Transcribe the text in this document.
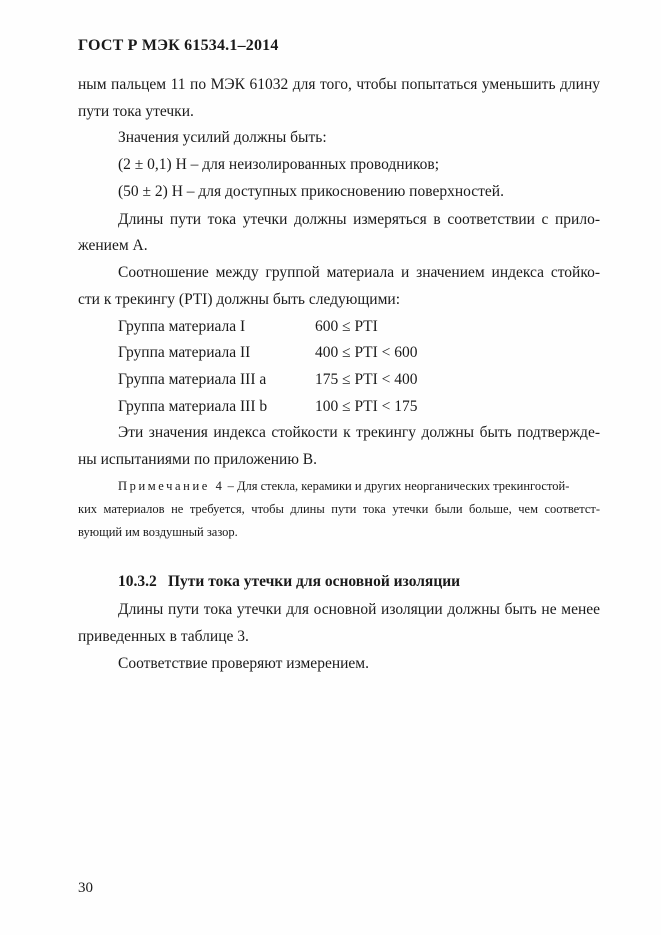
ГОСТ Р МЭК 61534.1–2014
ным пальцем 11 по МЭК 61032 для того, чтобы попытаться уменьшить длину
пути тока утечки.
Значения усилий должны быть:
(2 ± 0,1) Н – для неизолированных проводников;
(50 ± 2) Н – для доступных прикосновению поверхностей.
Длины пути тока утечки должны измеряться в соответствии с прило-
жением А.
Соотношение между группой материала и значением индекса стойко-
сти к трекингу (PTI) должны быть следующими:
Группа материала I	600 ≤ PTI
Группа материала II	400 ≤ PTI < 600
Группа материала III a	175 ≤ PTI < 400
Группа материала III b	100 ≤ PTI < 175
Эти значения индекса стойкости к трекингу должны быть подтвержде-
ны испытаниями по приложению В.
Примечание 4 – Для стекла, керамики и других неорганических трекингостой-
ких материалов не требуется, чтобы длины пути тока утечки были больше, чем соответст-
вующий им воздушный зазор.
10.3.2 Пути тока утечки для основной изоляции
Длины пути тока утечки для основной изоляции должны быть не менее
приведенных в таблице 3.
Соответствие проверяют измерением.
30
